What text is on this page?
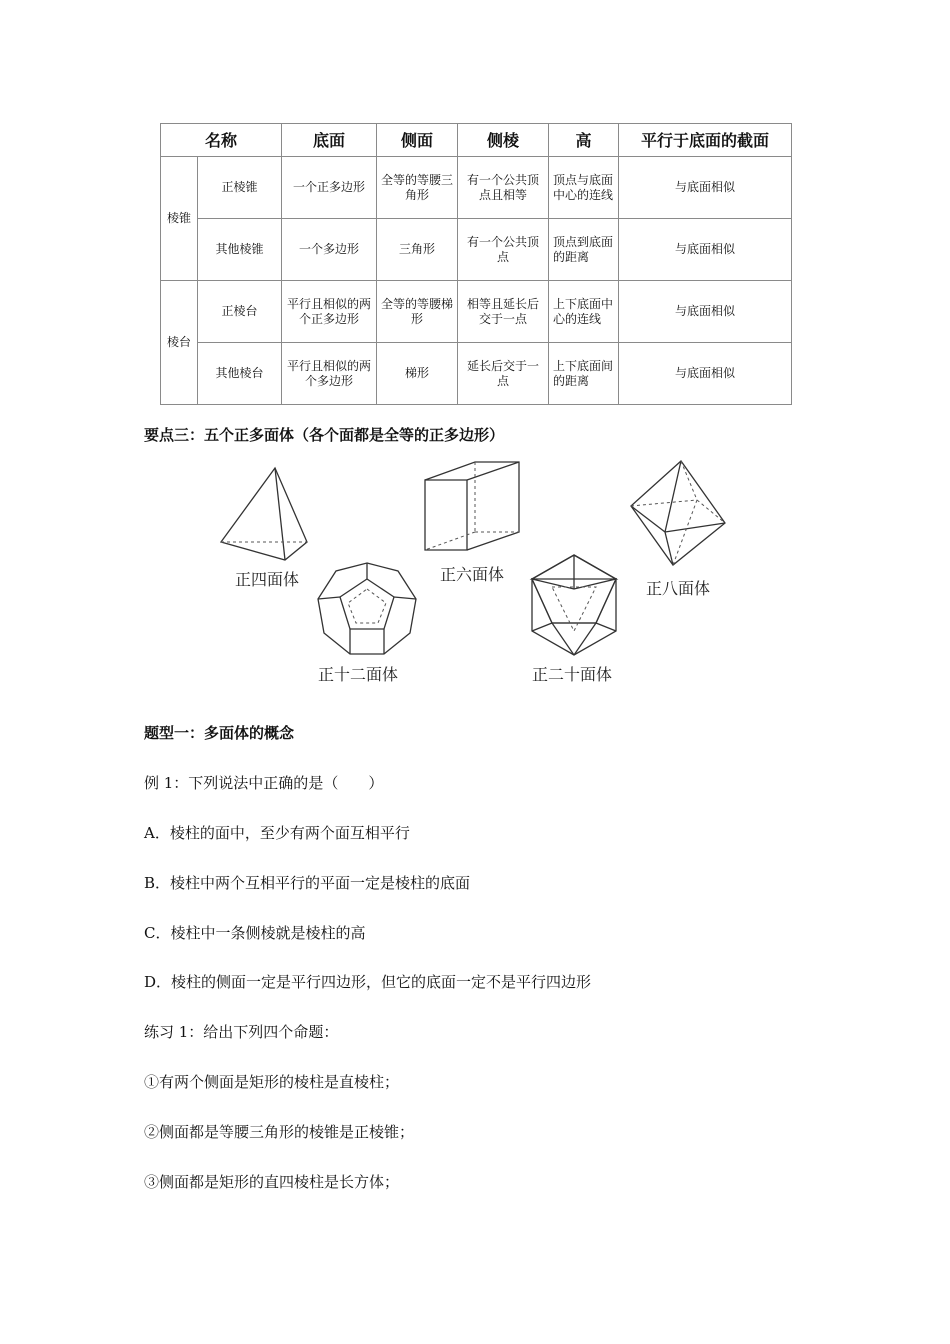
名称		底面	侧面	侧棱	高	平行于底面的截面
棱锥	正棱锥	一个正多边形	全等的等腰三角形	有一个公共顶点且相等	顶点与底面中心的连线	与底面相似
	其他棱锥	一个多边形	三角形	有一个公共顶点	顶点到底面的距离	与底面相似
棱台	正棱台	平行且相似的两个正多边形	全等的等腰梯形	相等且延长后交于一点	上下底面中心的连线	与底面相似
	其他棱台	平行且相似的两个多边形	梯形	延长后交于一点	上下底面间的距离	与底面相似
要点三：五个正多面体（各个面都是全等的正多边形）
正四面体	正六面体
正八面体
正十二面体	正二十面体
题型一：多面体的概念
例 1：下列说法中正确的是（　　）
A．棱柱的面中，至少有两个面互相平行
B．棱柱中两个互相平行的平面一定是棱柱的底面
C．棱柱中一条侧棱就是棱柱的高
D．棱柱的侧面一定是平行四边形，但它的底面一定不是平行四边形
练习 1：给出下列四个命题：
①有两个侧面是矩形的棱柱是直棱柱；
②侧面都是等腰三角形的棱锥是正棱锥；
③侧面都是矩形的直四棱柱是长方体；
